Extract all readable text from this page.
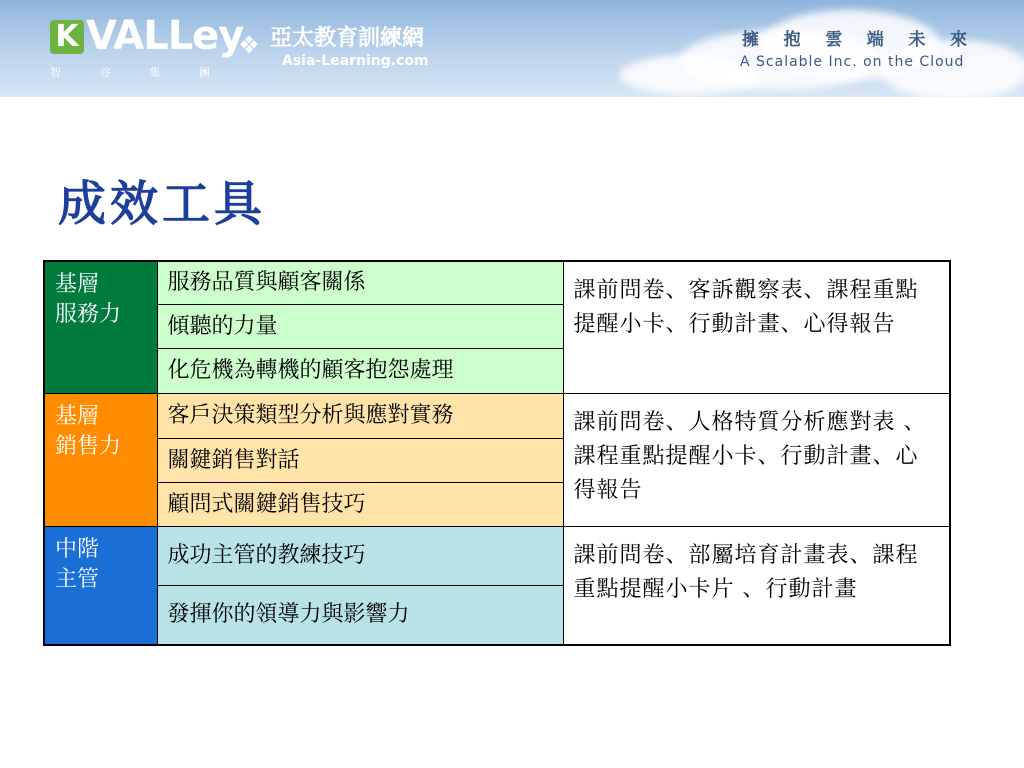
K VALLey
智	谷	集	團
❖ 亞太教育訓練網
Asia-Learning.com
擁 抱 雲 端 未 來
A Scalable Inc. on the Cloud
成效工具
基層
服務力	服務品質與顧客關係	課前問卷、客訴觀察表、課程重點提醒小卡、行動計畫、心得報告
	傾聽的力量	
	化危機為轉機的顧客抱怨處理	

基層
銷售力	客戶決策類型分析與應對實務	課前問卷、人格特質分析應對表 、課程重點提醒小卡、行動計畫、心得報告
	關鍵銷售對話	
	顧問式關鍵銷售技巧	

中階
主管	成功主管的教練技巧	課前問卷、部屬培育計畫表、課程重點提醒小卡片 、行動計畫
	發揮你的領導力與影響力	
